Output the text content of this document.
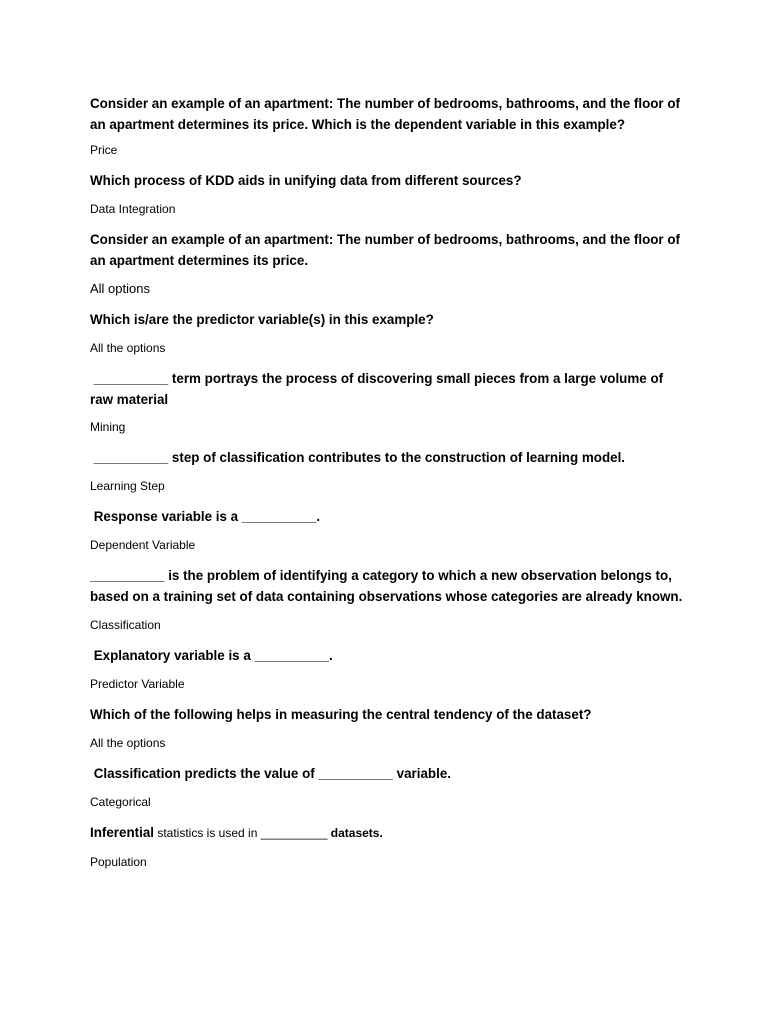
Consider an example of an apartment: The number of bedrooms, bathrooms, and the floor of an apartment determines its price. Which is the dependent variable in this example?

Price

Which process of KDD aids in unifying data from different sources?

Data Integration

Consider an example of an apartment: The number of bedrooms, bathrooms, and the floor of an apartment determines its price.

All options

Which is/are the predictor variable(s) in this example?

All the options

__________ term portrays the process of discovering small pieces from a large volume of raw material

Mining

__________ step of classification contributes to the construction of learning model.

Learning Step

Response variable is a __________.

Dependent Variable

__________ is the problem of identifying a category to which a new observation belongs to, based on a training set of data containing observations whose categories are already known.

Classification

Explanatory variable is a __________.

Predictor Variable

Which of the following helps in measuring the central tendency of the dataset?

All the options

Classification predicts the value of __________ variable.

Categorical

Inferential statistics is used in __________ datasets.

Population
